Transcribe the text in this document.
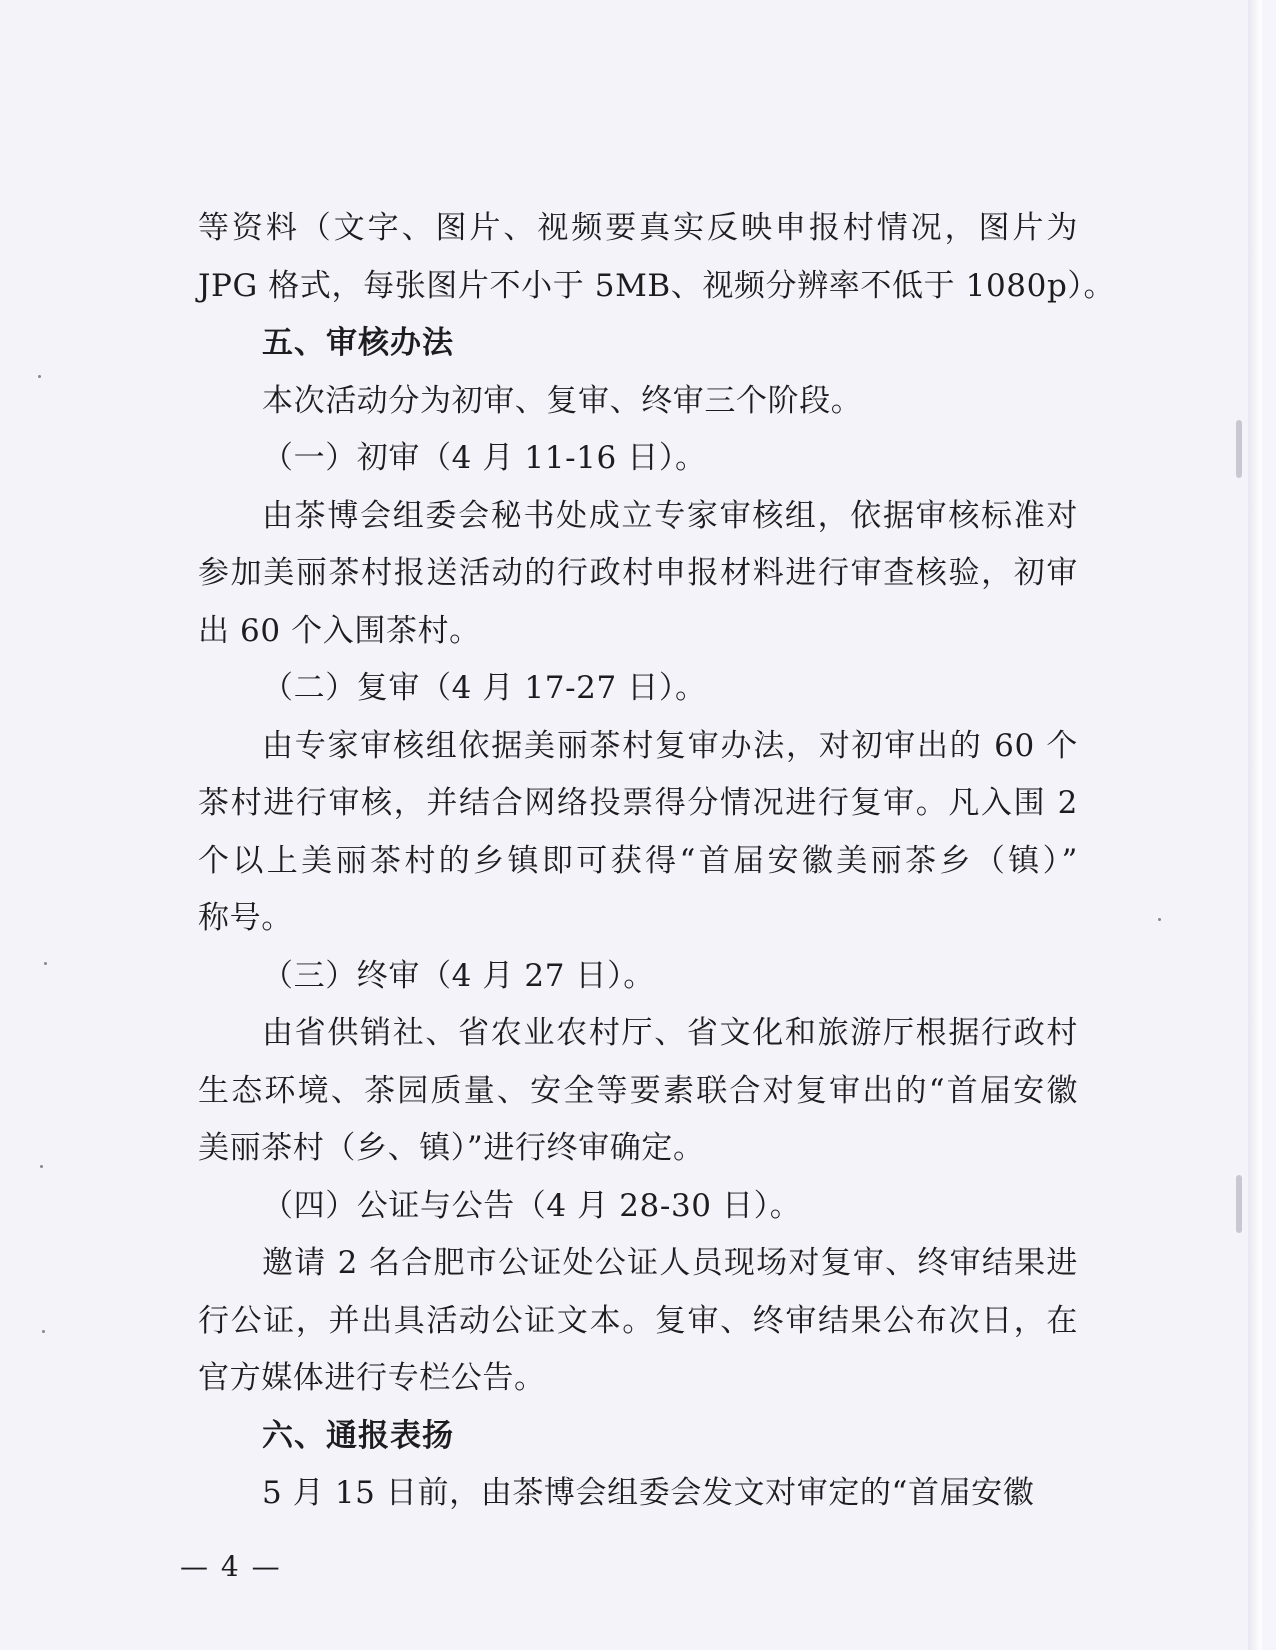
等资料（文字、图片、视频要真实反映申报村情况，图片为
JPG 格式，每张图片不小于 5MB、视频分辨率不低于 1080p）。
五、审核办法
本次活动分为初审、复审、终审三个阶段。
（一）初审（4 月 11-16 日）。
由茶博会组委会秘书处成立专家审核组，依据审核标准对
参加美丽茶村报送活动的行政村申报材料进行审查核验，初审
出 60 个入围茶村。
（二）复审（4 月 17-27 日）。
由专家审核组依据美丽茶村复审办法，对初审出的 60 个
茶村进行审核，并结合网络投票得分情况进行复审。凡入围 2
个以上美丽茶村的乡镇即可获得“首届安徽美丽茶乡（镇）”
称号。
（三）终审（4 月 27 日）。
由省供销社、省农业农村厅、省文化和旅游厅根据行政村
生态环境、茶园质量、安全等要素联合对复审出的“首届安徽
美丽茶村（乡、镇）”进行终审确定。
（四）公证与公告（4 月 28-30 日）。
邀请 2 名合肥市公证处公证人员现场对复审、终审结果进
行公证，并出具活动公证文本。复审、终审结果公布次日，在
官方媒体进行专栏公告。
六、通报表扬
5 月 15 日前，由茶博会组委会发文对审定的“首届安徽
— 4 —
